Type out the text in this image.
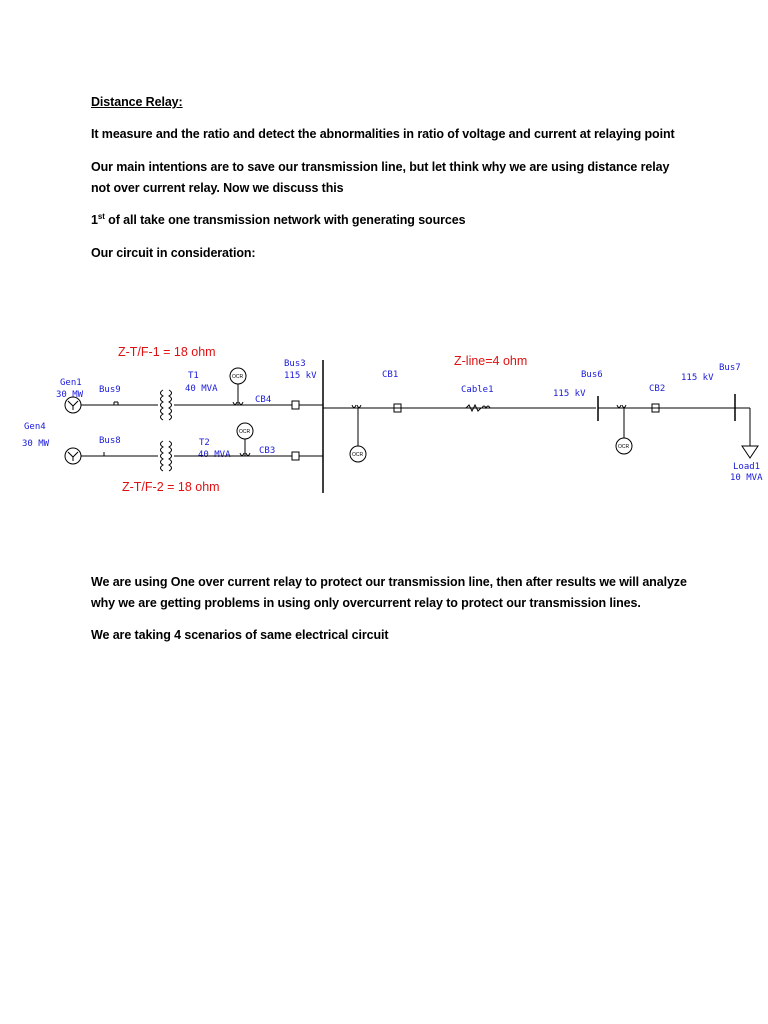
Distance Relay:

It measure and the ratio and detect the abnormalities in ratio of voltage and current at relaying point

Our main intentions are to save our transmission line, but let think why we are using distance relay not over current relay. Now we discuss this

1st of all take one transmission network with generating sources

Our circuit in consideration:

Z-T/F-1 = 18 ohm
Z-T/F-2 = 18 ohm
Z-line=4 ohm
Gen4
30 MW
Gen1
30 MW Bus9
T1
40 MVA
OCR
CB4
Bus8	T2
40 MVA
OCR
CB3
Bus3
115 kV
OCR
CB1
Cable1
Bus6
115 kV
OCR
CB2
Bus7
115 kV
Load1
10 MVA

We are using One over current relay to protect our transmission line, then after results we will analyze why we are getting problems in using only overcurrent relay to protect our transmission lines.

We are taking 4 scenarios of same electrical circuit
